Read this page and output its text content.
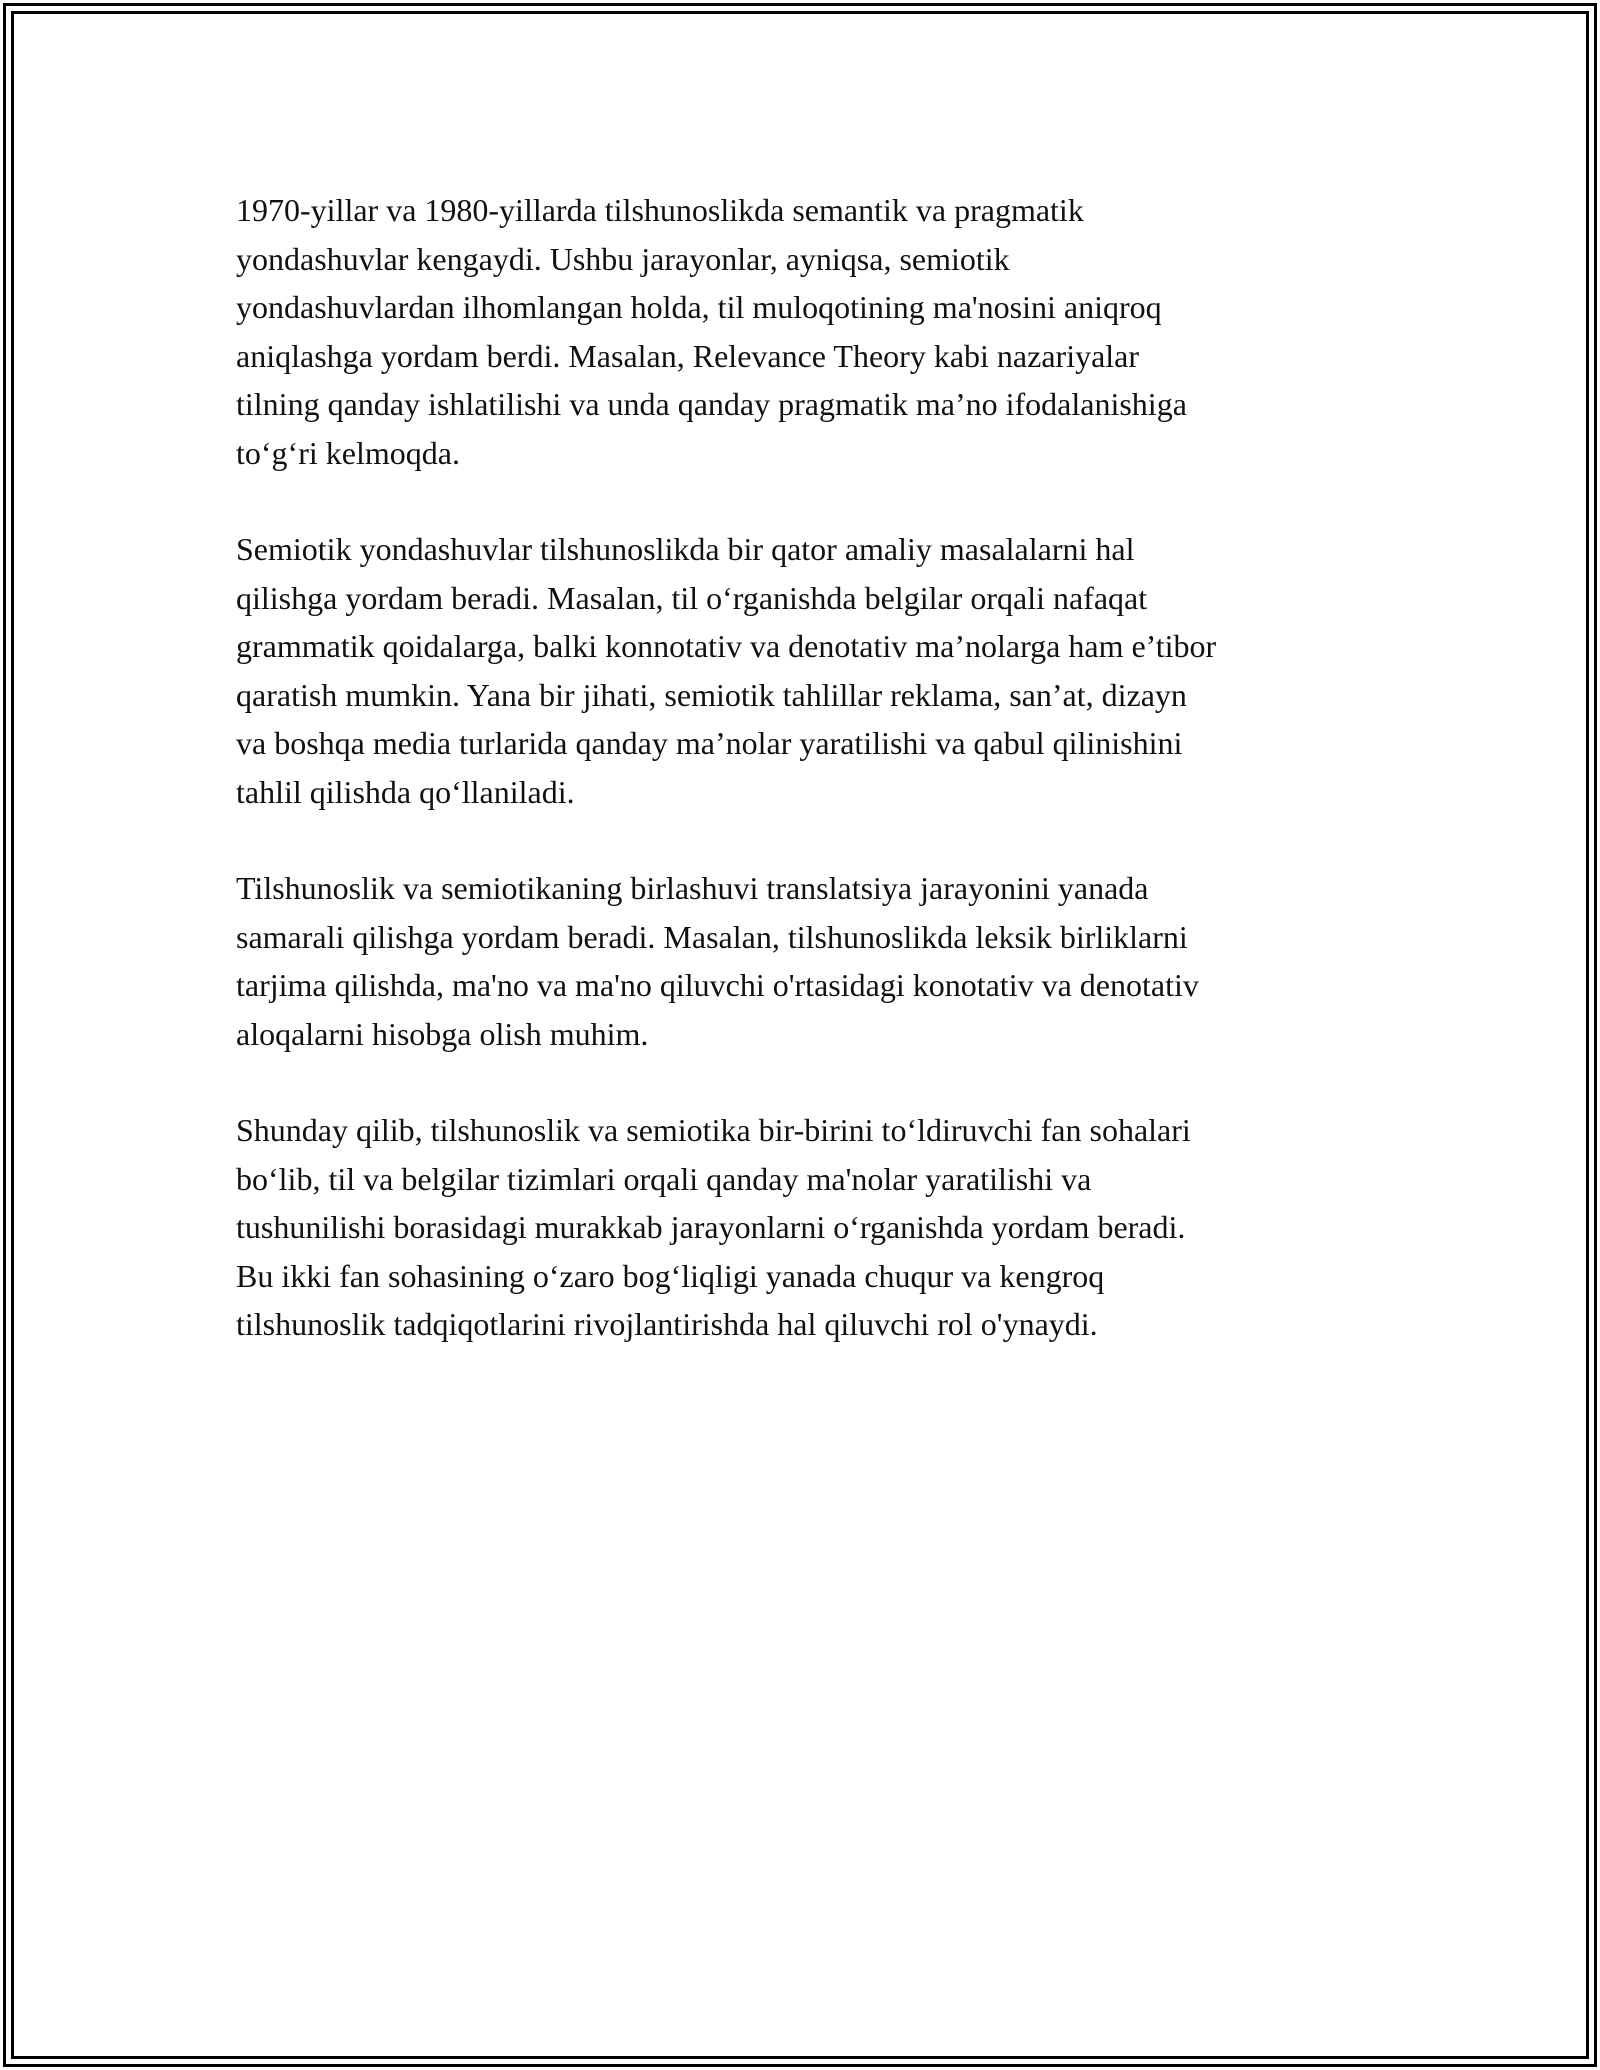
1970-yillar va 1980-yillarda tilshunoslikda semantik va pragmatik
yondashuvlar kengaydi. Ushbu jarayonlar, ayniqsa, semiotik
yondashuvlardan ilhomlangan holda, til muloqotining ma'nosini aniqroq
aniqlashga yordam berdi. Masalan, Relevance Theory kabi nazariyalar
tilning qanday ishlatilishi va unda qanday pragmatik ma’no ifodalanishiga
to‘g‘ri kelmoqda.

Semiotik yondashuvlar tilshunoslikda bir qator amaliy masalalarni hal
qilishga yordam beradi. Masalan, til o‘rganishda belgilar orqali nafaqat
grammatik qoidalarga, balki konnotativ va denotativ ma’nolarga ham e’tibor
qaratish mumkin. Yana bir jihati, semiotik tahlillar reklama, san’at, dizayn
va boshqa media turlarida qanday ma’nolar yaratilishi va qabul qilinishini
tahlil qilishda qo‘llaniladi.

Tilshunoslik va semiotikaning birlashuvi translatsiya jarayonini yanada
samarali qilishga yordam beradi. Masalan, tilshunoslikda leksik birliklarni
tarjima qilishda, ma'no va ma'no qiluvchi o'rtasidagi konotativ va denotativ
aloqalarni hisobga olish muhim.

Shunday qilib, tilshunoslik va semiotika bir-birini to‘ldiruvchi fan sohalari
bo‘lib, til va belgilar tizimlari orqali qanday ma'nolar yaratilishi va
tushunilishi borasidagi murakkab jarayonlarni o‘rganishda yordam beradi.
Bu ikki fan sohasining o‘zaro bog‘liqligi yanada chuqur va kengroq
tilshunoslik tadqiqotlarini rivojlantirishda hal qiluvchi rol o'ynaydi.
